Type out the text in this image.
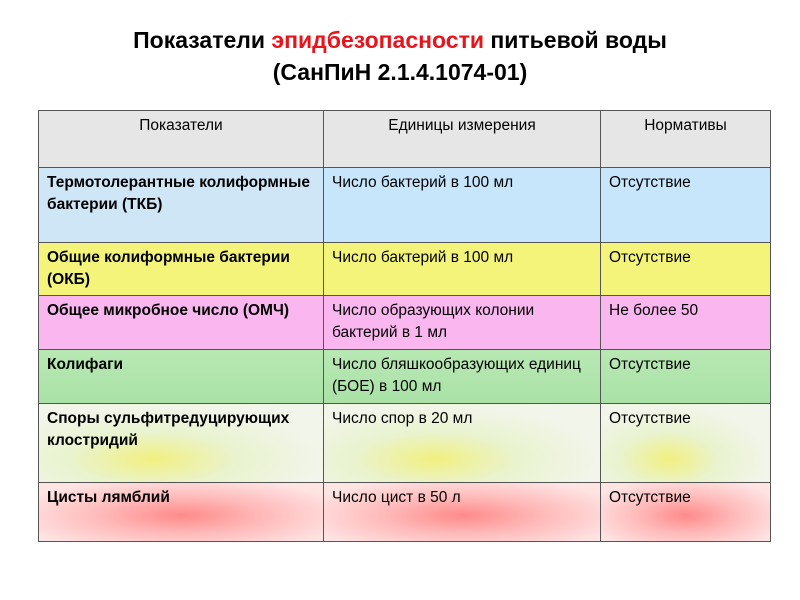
Показатели эпидбезопасности питьевой воды
(СанПиН 2.1.4.1074-01)
Показатели	Единицы измерения	Нормативы
Термотолерантные колиформные бактерии (ТКБ)	Число бактерий в 100 мл	Отсутствие
Общие колиформные бактерии (ОКБ)	Число бактерий в 100 мл	Отсутствие
Общее микробное число (ОМЧ)	Число образующих колонии бактерий в 1 мл	Не более 50
Колифаги	Число бляшкообразующих единиц (БОЕ) в 100 мл	Отсутствие
Споры сульфитредуцирующих клостридий	Число спор в 20 мл	Отсутствие
Цисты лямблий	Число цист в 50 л	Отсутствие
